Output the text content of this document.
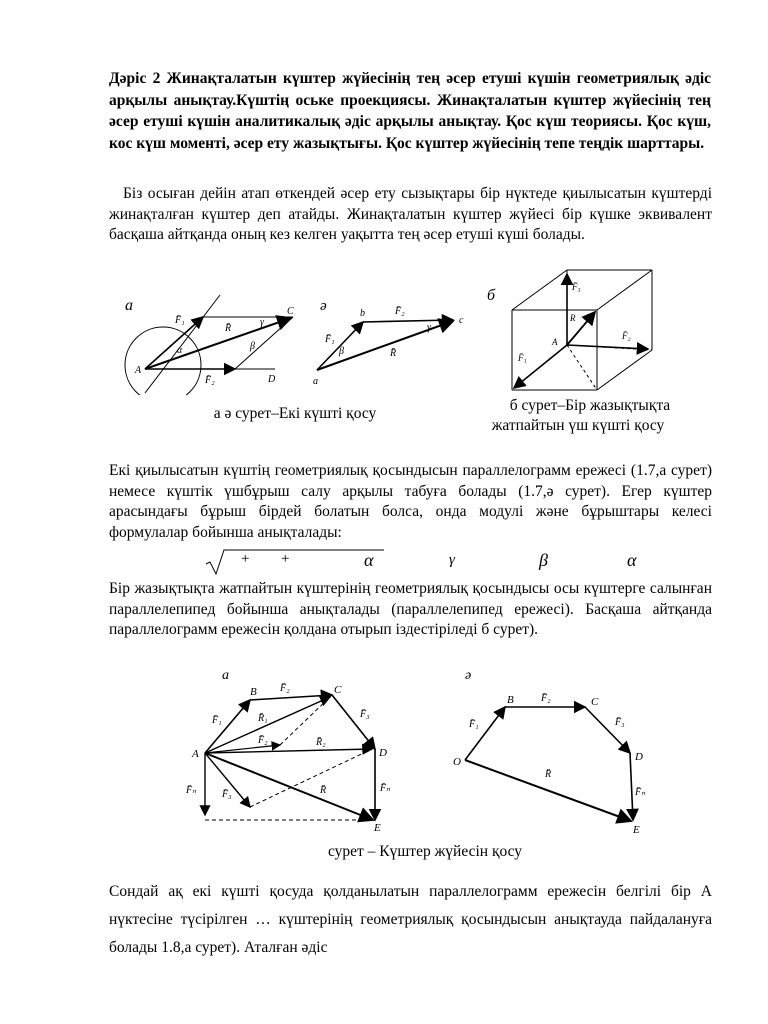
Дәріс 2 Жинақталатын күштер жүйесінің тең әсер етуші күшін геометриялық әдіс арқылы анықтау.Күштің оське проекциясы. Жинақталатын күштер жүйесінің тең әсер етуші күшін аналитикалық әдіс арқылы анықтау. Қос күш теориясы. Қос күш, кос күш моменті, әсер ету жазықтығы. Қос күштер жүйесінің тепе теңдік шарттары.

Біз осыған дейін атап өткендей әсер ету сызықтары бір нүктеде қиылысатын күштерді жинақталған күштер деп атайды. Жинақталатын күштер жүйесі бір күшке эквивалент басқаша айтқанда оның кез келген уақытта тең әсер етуші күші болады.

а
A
C
D
F̄₁
F̄₂
R̄
α	β
γ
ә
a
b
c
F̄₁
F̄₂
R̄
β
γ
б
A
R
F̄₁
F̄₂
F̄₃
а ә сурет–Екі күшті қосу	б сурет–Бір жазықтықта
жатпайтын үш күшті қосу

Екі қиылысатын күштің геометриялық қосындысын параллелограмм ережесі (1.7,а сурет) немесе күштік үшбұрыш салу арқылы табуға болады (1.7,ә сурет). Егер күштер арасындағы бұрыш бірдей болатын болса, онда модулі және бұрыштары келесі формулалар бойынша анықталады:

+ +	α	γ	β	α

Бір жазықтықта жатпайтын күштерінің геометриялық қосындысы осы күштерге салынған параллелепипед бойынша анықталады (параллелепипед ережесі). Басқаша айтқанда параллелограмм ережесін қолдана отырып іздестіріледі б сурет).

а
A
B	C
D
E
F̄₁
F̄₂
F̄₃
F̄ₙ
R̄₁
R̄₂
R̄
F̄₂
F̄₃
F̄ₙ
ә
O
B	C
D
E
F̄₁
F̄₂
F̄₃
F̄ₙ
R̄
сурет – Күштер жүйесін қосу

Сондай ақ екі күшті қосуда қолданылатын параллелограмм ережесін белгілі бір А нүктесіне түсірілген … күштерінің геометриялық қосындысын анықтауда пайдалануға болады 1.8,а сурет). Аталған әдіс
